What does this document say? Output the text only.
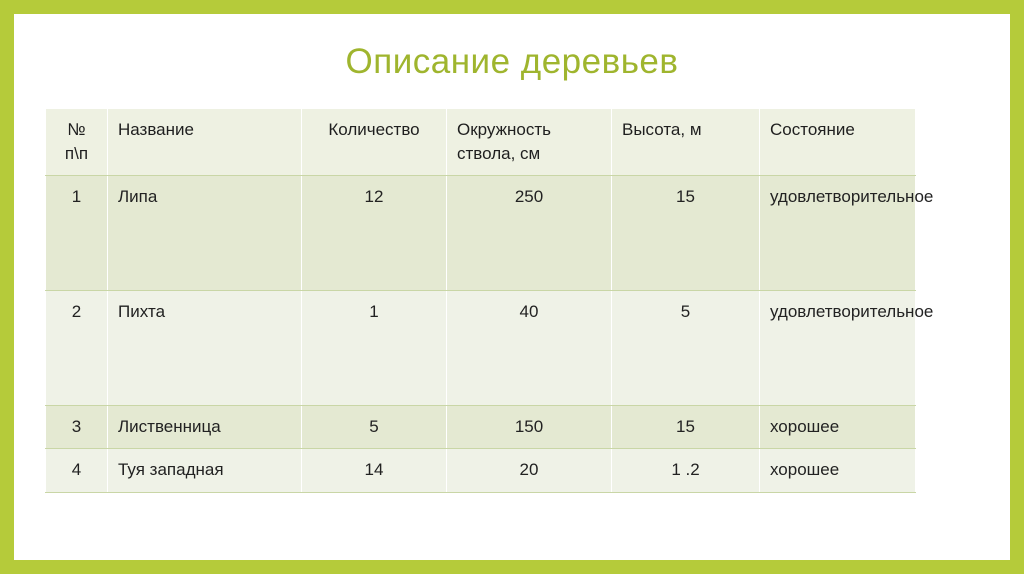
Описание деревьев
№ п\п	Название	Количество	Окружность ствола, см	Высота, м	Состояние
1	Липа	12	250	15	удовлетворительное
2	Пихта	1	40	5	удовлетворительное
3	Лиственница	5	150	15	хорошее
4	Туя западная	14	20	1 .2	хорошее
